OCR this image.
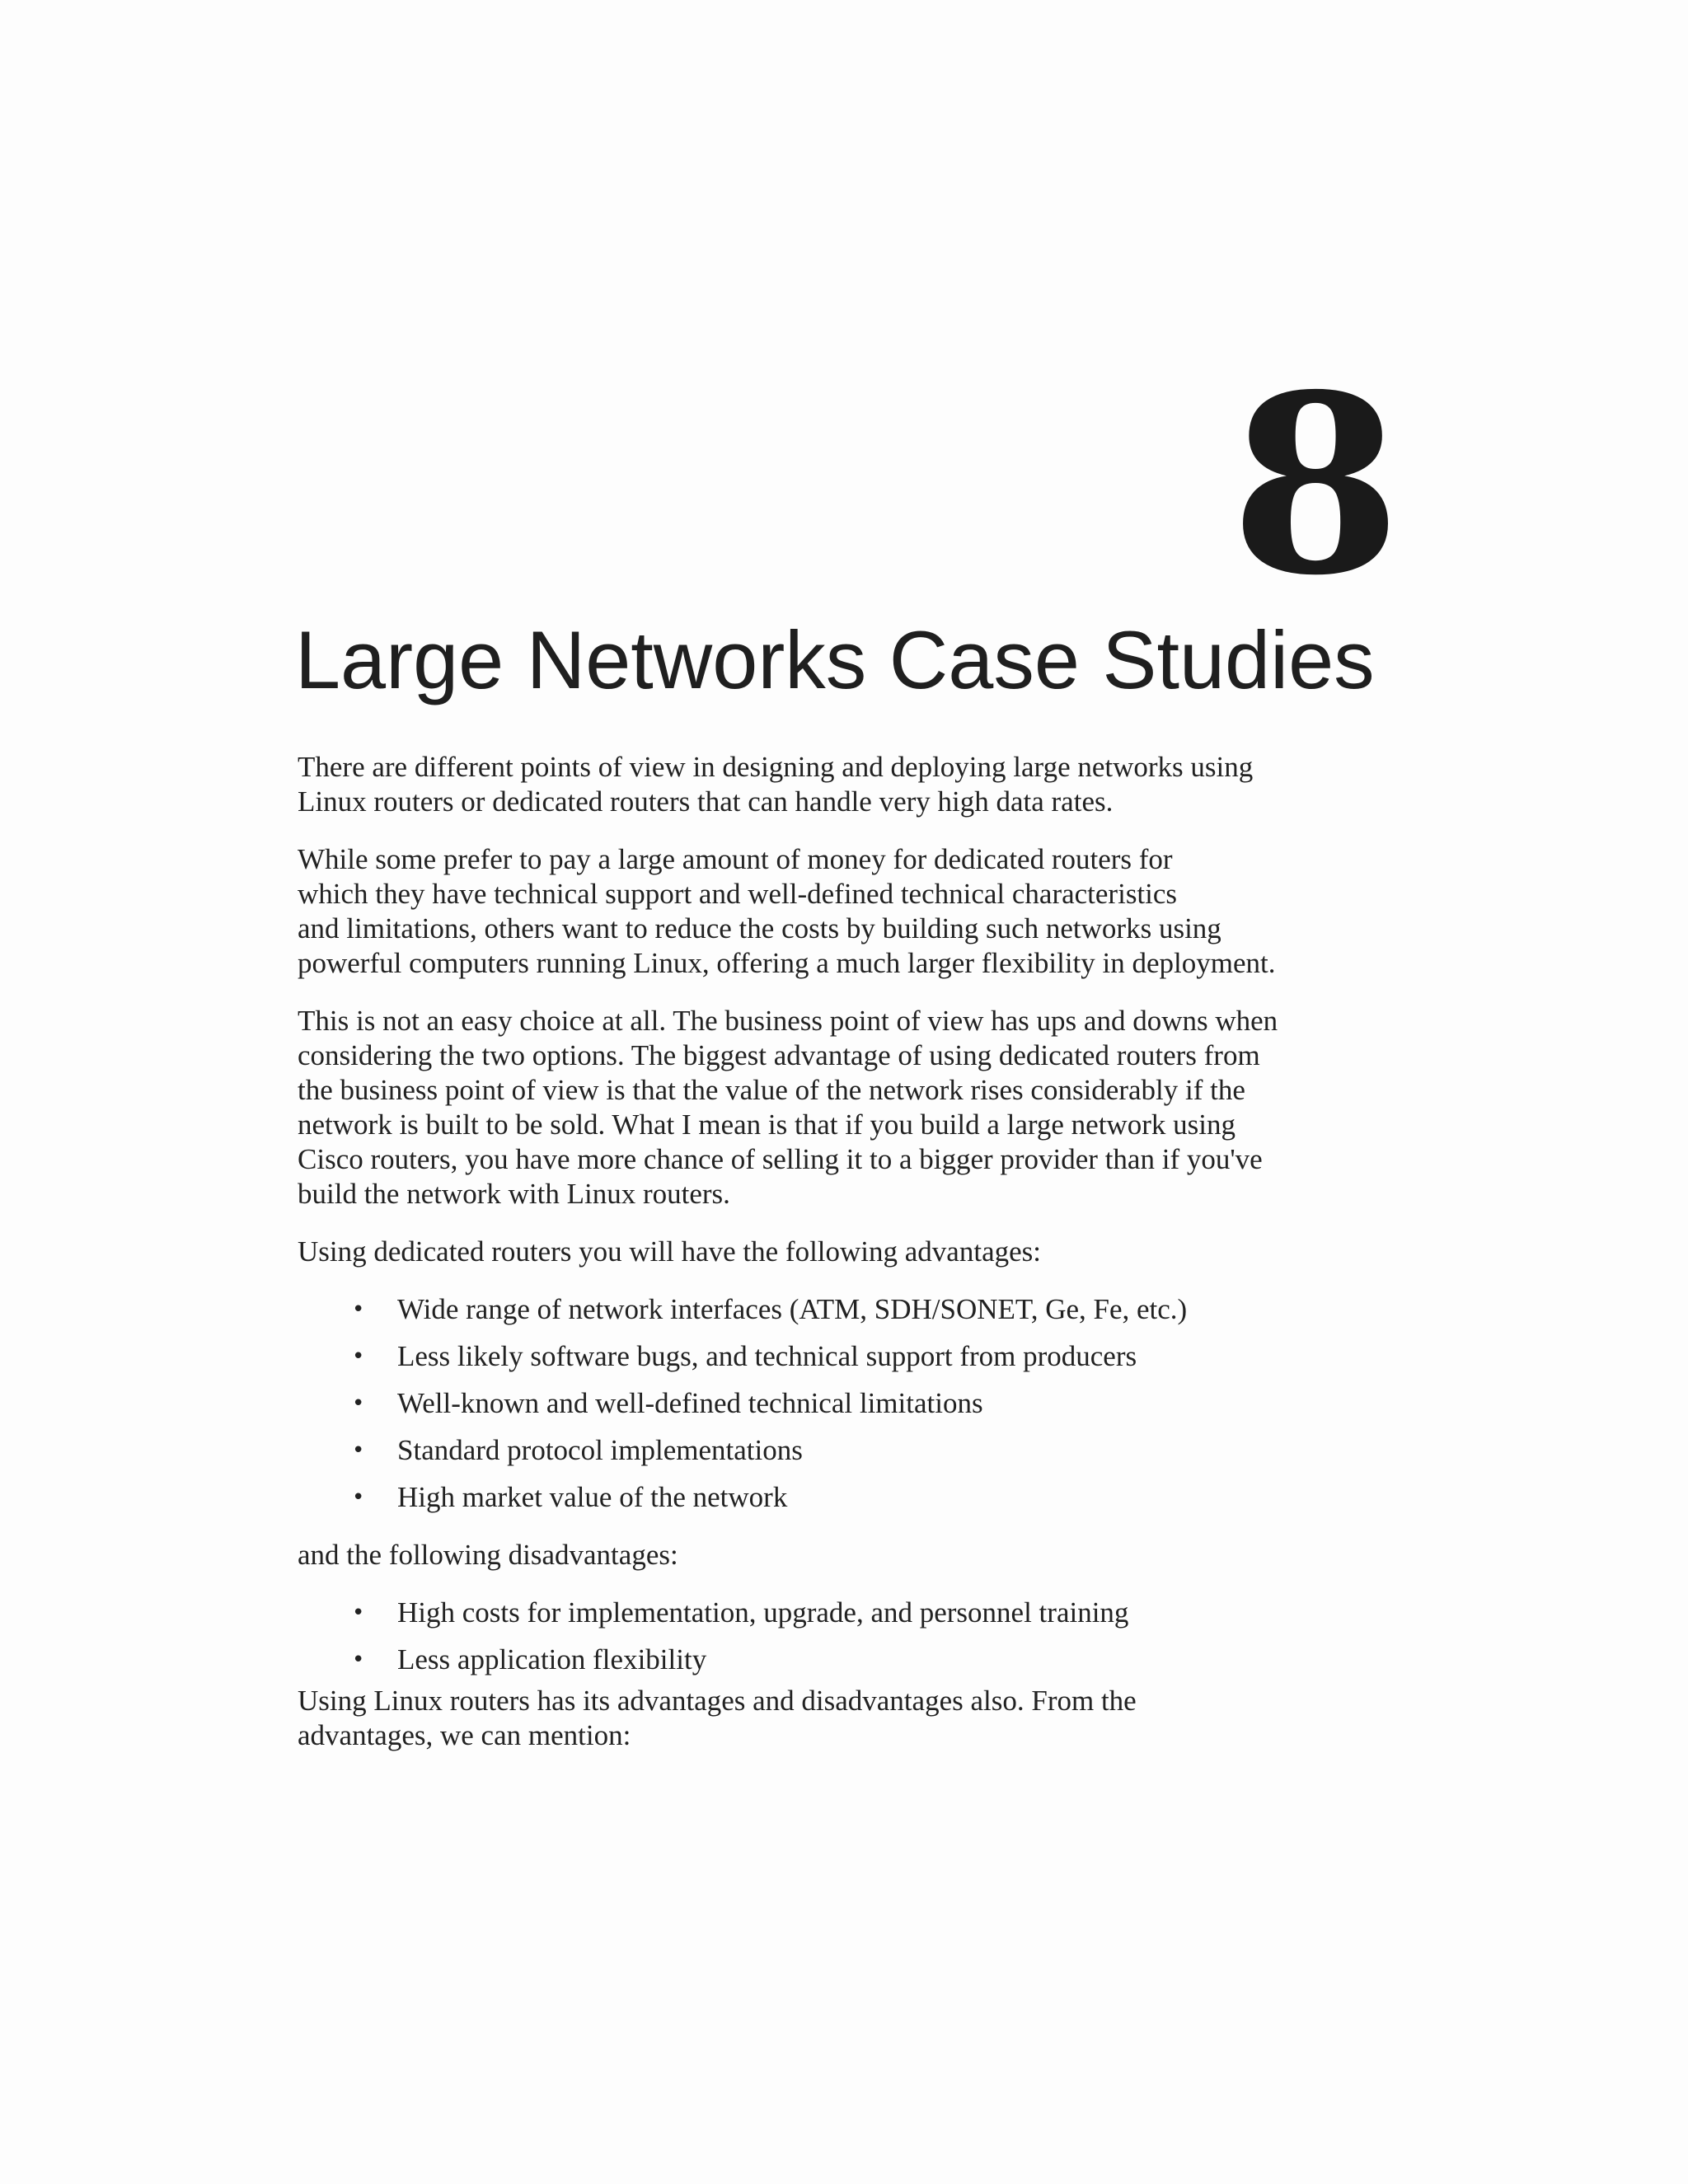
8
Large Networks Case Studies

There are different points of view in designing and deploying large networks using
Linux routers or dedicated routers that can handle very high data rates.

While some prefer to pay a large amount of money for dedicated routers for
which they have technical support and well-defined technical characteristics
and limitations, others want to reduce the costs by building such networks using
powerful computers running Linux, offering a much larger flexibility in deployment.

This is not an easy choice at all. The business point of view has ups and downs when
considering the two options. The biggest advantage of using dedicated routers from
the business point of view is that the value of the network rises considerably if the
network is built to be sold. What I mean is that if you build a large network using
Cisco routers, you have more chance of selling it to a bigger provider than if you've
build the network with Linux routers.

Using dedicated routers you will have the following advantages:

• Wide range of network interfaces (ATM, SDH/SONET, Ge, Fe, etc.)
• Less likely software bugs, and technical support from producers
• Well-known and well-defined technical limitations
• Standard protocol implementations
• High market value of the network

and the following disadvantages:

• High costs for implementation, upgrade, and personnel training
• Less application flexibility

Using Linux routers has its advantages and disadvantages also. From the
advantages, we can mention:
